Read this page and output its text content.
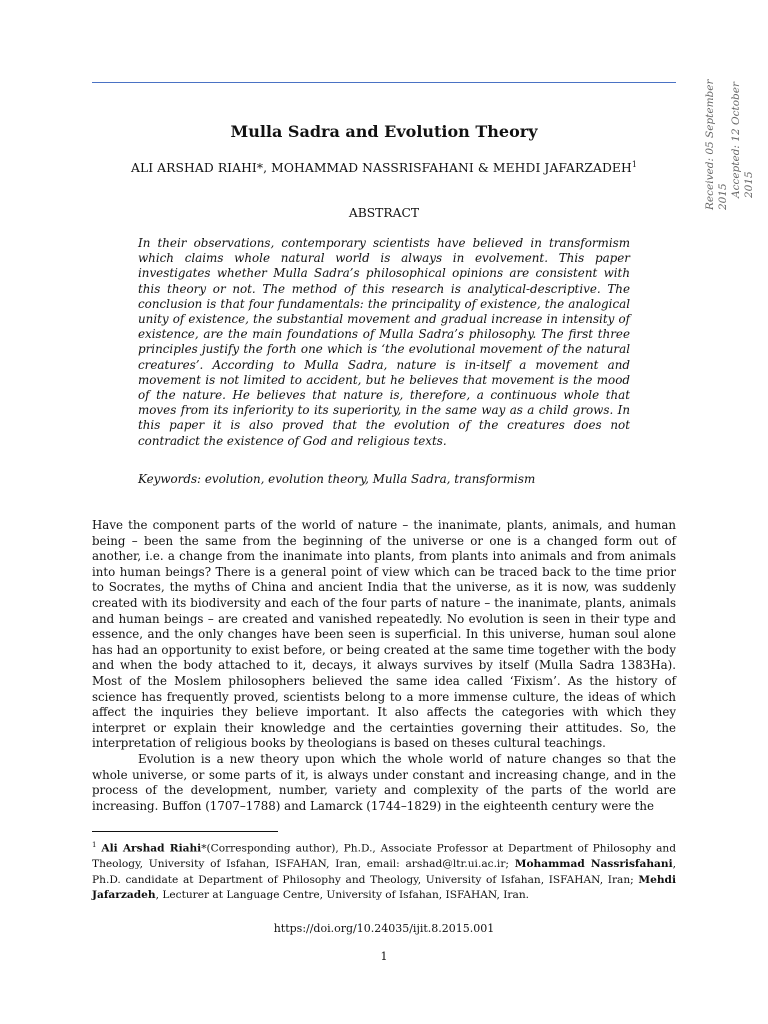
Received: 05 September 2015 Accepted: 12 October 2015
Mulla Sadra and Evolution Theory
ALI ARSHAD RIAHI*, MOHAMMAD NASSRISFAHANI & MEHDI JAFARZADEH$^1$
ABSTRACT
In their observations, contemporary scientists have believed in transformism which claims whole natural world is always in evolvement. This paper investigates whether Mulla Sadra’s philosophical opinions are consistent with this theory or not. The method of this research is analytical-descriptive. The conclusion is that four fundamentals: the principality of existence, the analogical unity of existence, the substantial movement and gradual increase in intensity of existence, are the main foundations of Mulla Sadra’s philosophy. The first three principles justify the forth one which is ‘the evolutional movement of the natural creatures’. According to Mulla Sadra, nature is in-itself a movement and movement is not limited to accident, but he believes that movement is the mood of the nature. He believes that nature is, therefore, a continuous whole that moves from its inferiority to its superiority, in the same way as a child grows. In this paper it is also proved that the evolution of the creatures does not contradict the existence of God and religious texts.
Keywords: evolution, evolution theory, Mulla Sadra, transformism

Have the component parts of the world of nature – the inanimate, plants, animals, and human being – been the same from the beginning of the universe or one is a changed form out of another, i.e. a change from the inanimate into plants, from plants into animals and from animals into human beings? There is a general point of view which can be traced back to the time prior to Socrates, the myths of China and ancient India that the universe, as it is now, was suddenly created with its biodiversity and each of the four parts of nature – the inanimate, plants, animals and human beings – are created and vanished repeatedly. No evolution is seen in their type and essence, and the only changes have been seen is superficial. In this universe, human soul alone has had an opportunity to exist before, or being created at the same time together with the body and when the body attached to it, decays, it always survives by itself (Mulla Sadra 1383Ha). Most of the Moslem philosophers believed the same idea called ‘Fixism’. As the history of science has frequently proved, scientists belong to a more immense culture, the ideas of which affect the inquiries they believe important. It also affects the categories with which they interpret or explain their knowledge and the certainties governing their attitudes. So, the interpretation of religious books by theologians is based on theses cultural teachings.

Evolution is a new theory upon which the whole world of nature changes so that the whole universe, or some parts of it, is always under constant and increasing change, and in the process of the development, number, variety and complexity of the parts of the world are increasing. Buffon (1707–1788) and Lamarck (1744–1829) in the eighteenth century were the

$^1$ Ali Arshad Riahi*(Corresponding author), Ph.D., Associate Professor at Department of Philosophy and Theology, University of Isfahan, ISFAHAN, Iran, email: arshad@ltr.ui.ac.ir; Mohammad Nassrisfahani, Ph.D. candidate at Department of Philosophy and Theology, University of Isfahan, ISFAHAN, Iran; Mehdi Jafarzadeh, Lecturer at Language Centre, University of Isfahan, ISFAHAN, Iran.
https://doi.org/10.24035/ijit.8.2015.001
1
